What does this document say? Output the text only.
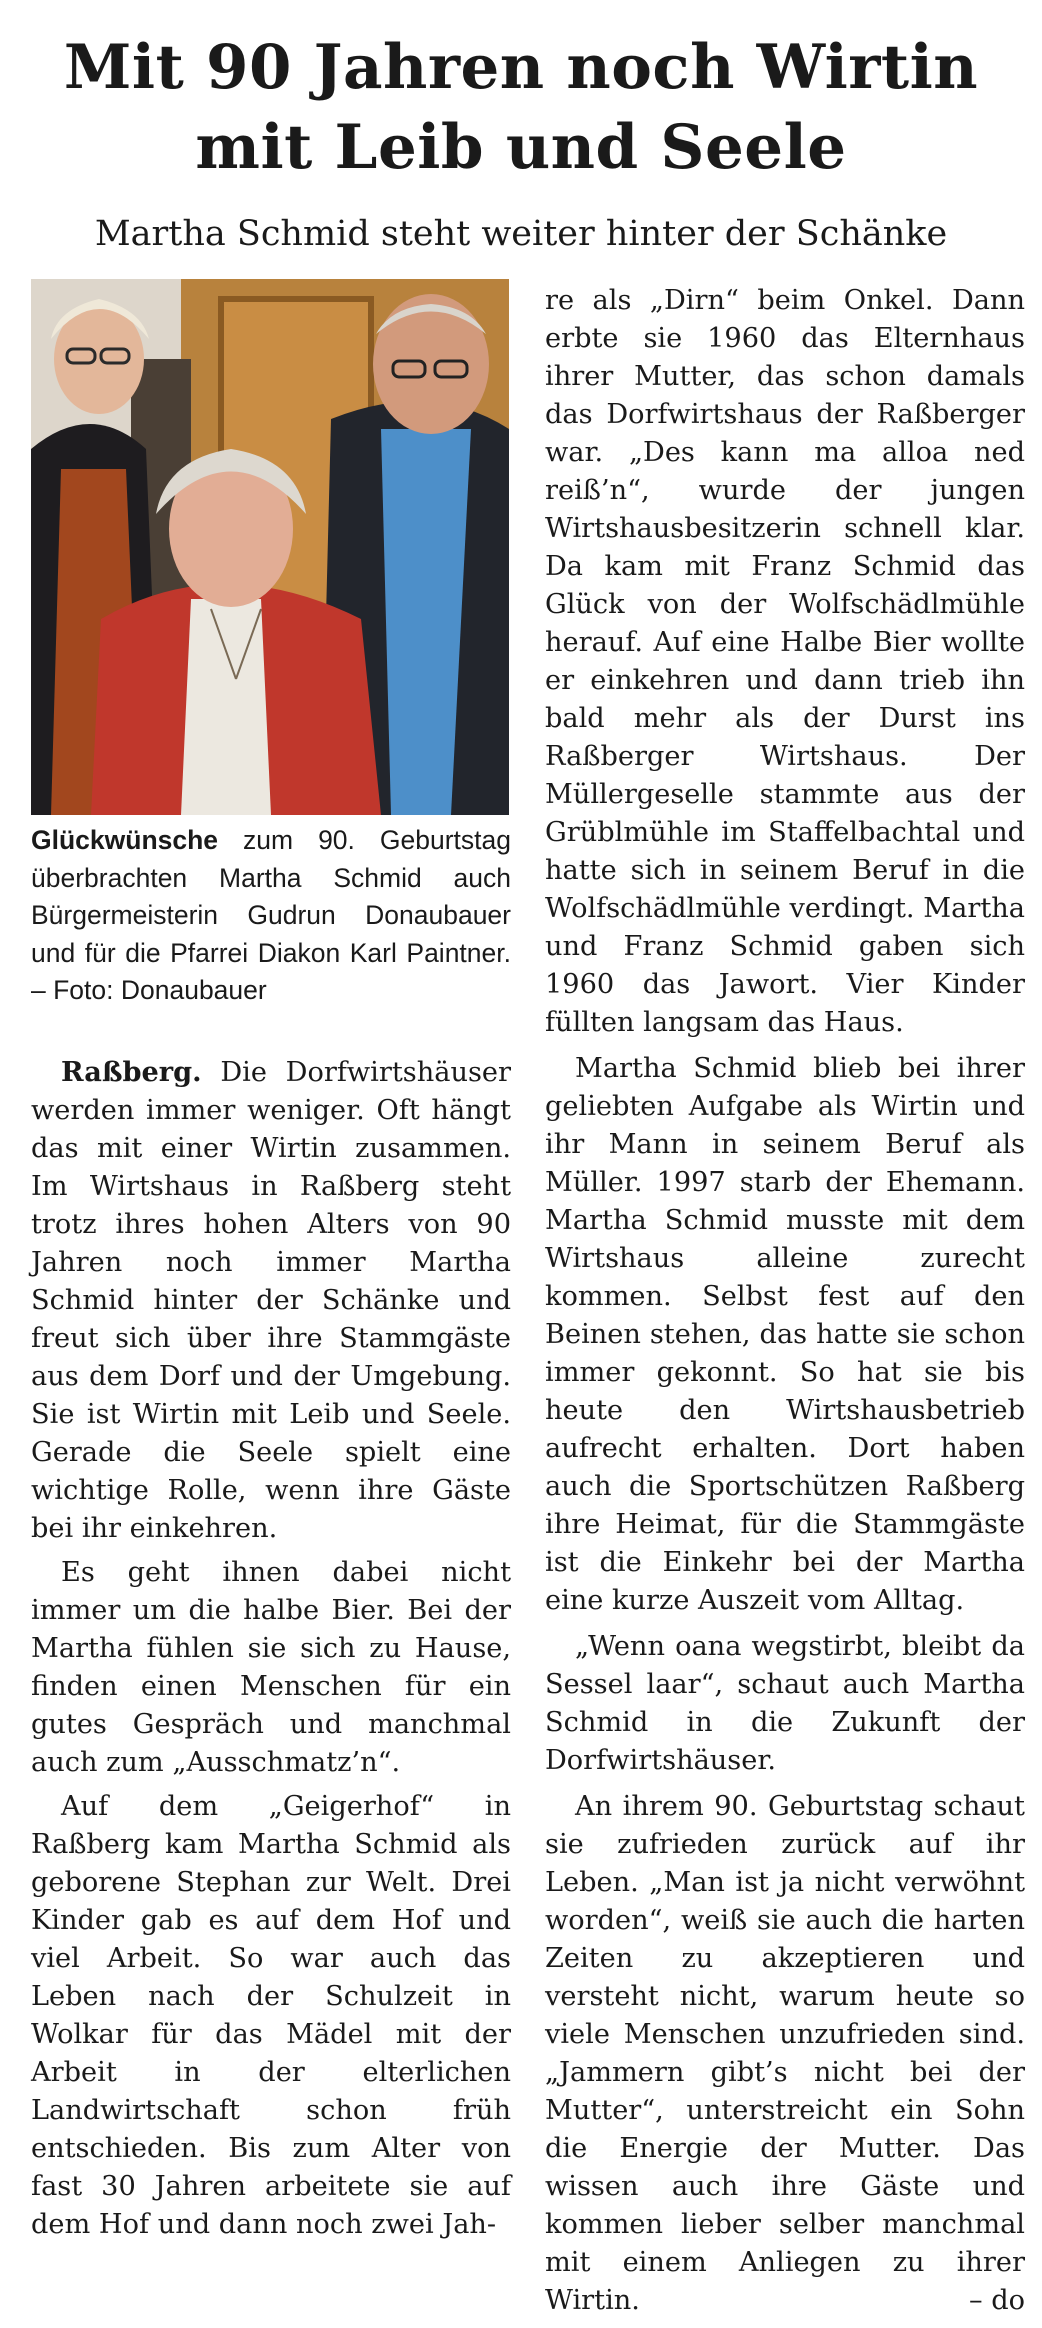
Mit 90 Jahren noch Wirtin
mit Leib und Seele
Martha Schmid steht weiter hinter der Schänke
Glückwünsche zum 90. Geburtstag überbrachten Martha Schmid auch Bürgermeisterin Gudrun Donaubauer und für die Pfarrei Diakon Karl Paintner. – Foto: Donaubauer

Raßberg. Die Dorfwirtshäuser werden immer weniger. Oft hängt das mit einer Wirtin zusammen. Im Wirtshaus in Raßberg steht trotz ihres hohen Alters von 90 Jahren noch immer Martha Schmid hinter der Schänke und freut sich über ihre Stammgäste aus dem Dorf und der Umgebung. Sie ist Wirtin mit Leib und Seele. Gerade die Seele spielt eine wichtige Rolle, wenn ihre Gäste bei ihr einkehren.

Es geht ihnen dabei nicht immer um die halbe Bier. Bei der Martha fühlen sie sich zu Hause, finden einen Menschen für ein gutes Gespräch und manchmal auch zum „Ausschmatz’n“.

Auf dem „Geigerhof“ in Raßberg kam Martha Schmid als geborene Stephan zur Welt. Drei Kinder gab es auf dem Hof und viel Arbeit. So war auch das Leben nach der Schulzeit in Wolkar für das Mädel mit der Arbeit in der elterlichen Landwirtschaft schon früh entschieden. Bis zum Alter von fast 30 Jahren arbeitete sie auf dem Hof und dann noch zwei Jah-

re als „Dirn“ beim Onkel. Dann erbte sie 1960 das Elternhaus ihrer Mutter, das schon damals das Dorfwirtshaus der Raßberger war. „Des kann ma alloa ned reiß’n“, wurde der jungen Wirtshausbesitzerin schnell klar. Da kam mit Franz Schmid das Glück von der Wolfschädlmühle herauf. Auf eine Halbe Bier wollte er einkehren und dann trieb ihn bald mehr als der Durst ins Raßberger Wirtshaus. Der Müllergeselle stammte aus der Grüblmühle im Staffelbachtal und hatte sich in seinem Beruf in die Wolfschädlmühle verdingt. Martha und Franz Schmid gaben sich 1960 das Jawort. Vier Kinder füllten langsam das Haus.

Martha Schmid blieb bei ihrer geliebten Aufgabe als Wirtin und ihr Mann in seinem Beruf als Müller. 1997 starb der Ehemann. Martha Schmid musste mit dem Wirtshaus alleine zurecht kommen. Selbst fest auf den Beinen stehen, das hatte sie schon immer gekonnt. So hat sie bis heute den Wirtshausbetrieb aufrecht erhalten. Dort haben auch die Sportschützen Raßberg ihre Heimat, für die Stammgäste ist die Einkehr bei der Martha eine kurze Auszeit vom Alltag.

„Wenn oana wegstirbt, bleibt da Sessel laar“, schaut auch Martha Schmid in die Zukunft der Dorfwirtshäuser.

An ihrem 90. Geburtstag schaut sie zufrieden zurück auf ihr Leben. „Man ist ja nicht verwöhnt worden“, weiß sie auch die harten Zeiten zu akzeptieren und versteht nicht, warum heute so viele Menschen unzufrieden sind. „Jammern gibt’s nicht bei der Mutter“, unterstreicht ein Sohn die Energie der Mutter. Das wissen auch ihre Gäste und kommen lieber selber manchmal mit einem Anliegen zu ihrer Wirtin.	– do
